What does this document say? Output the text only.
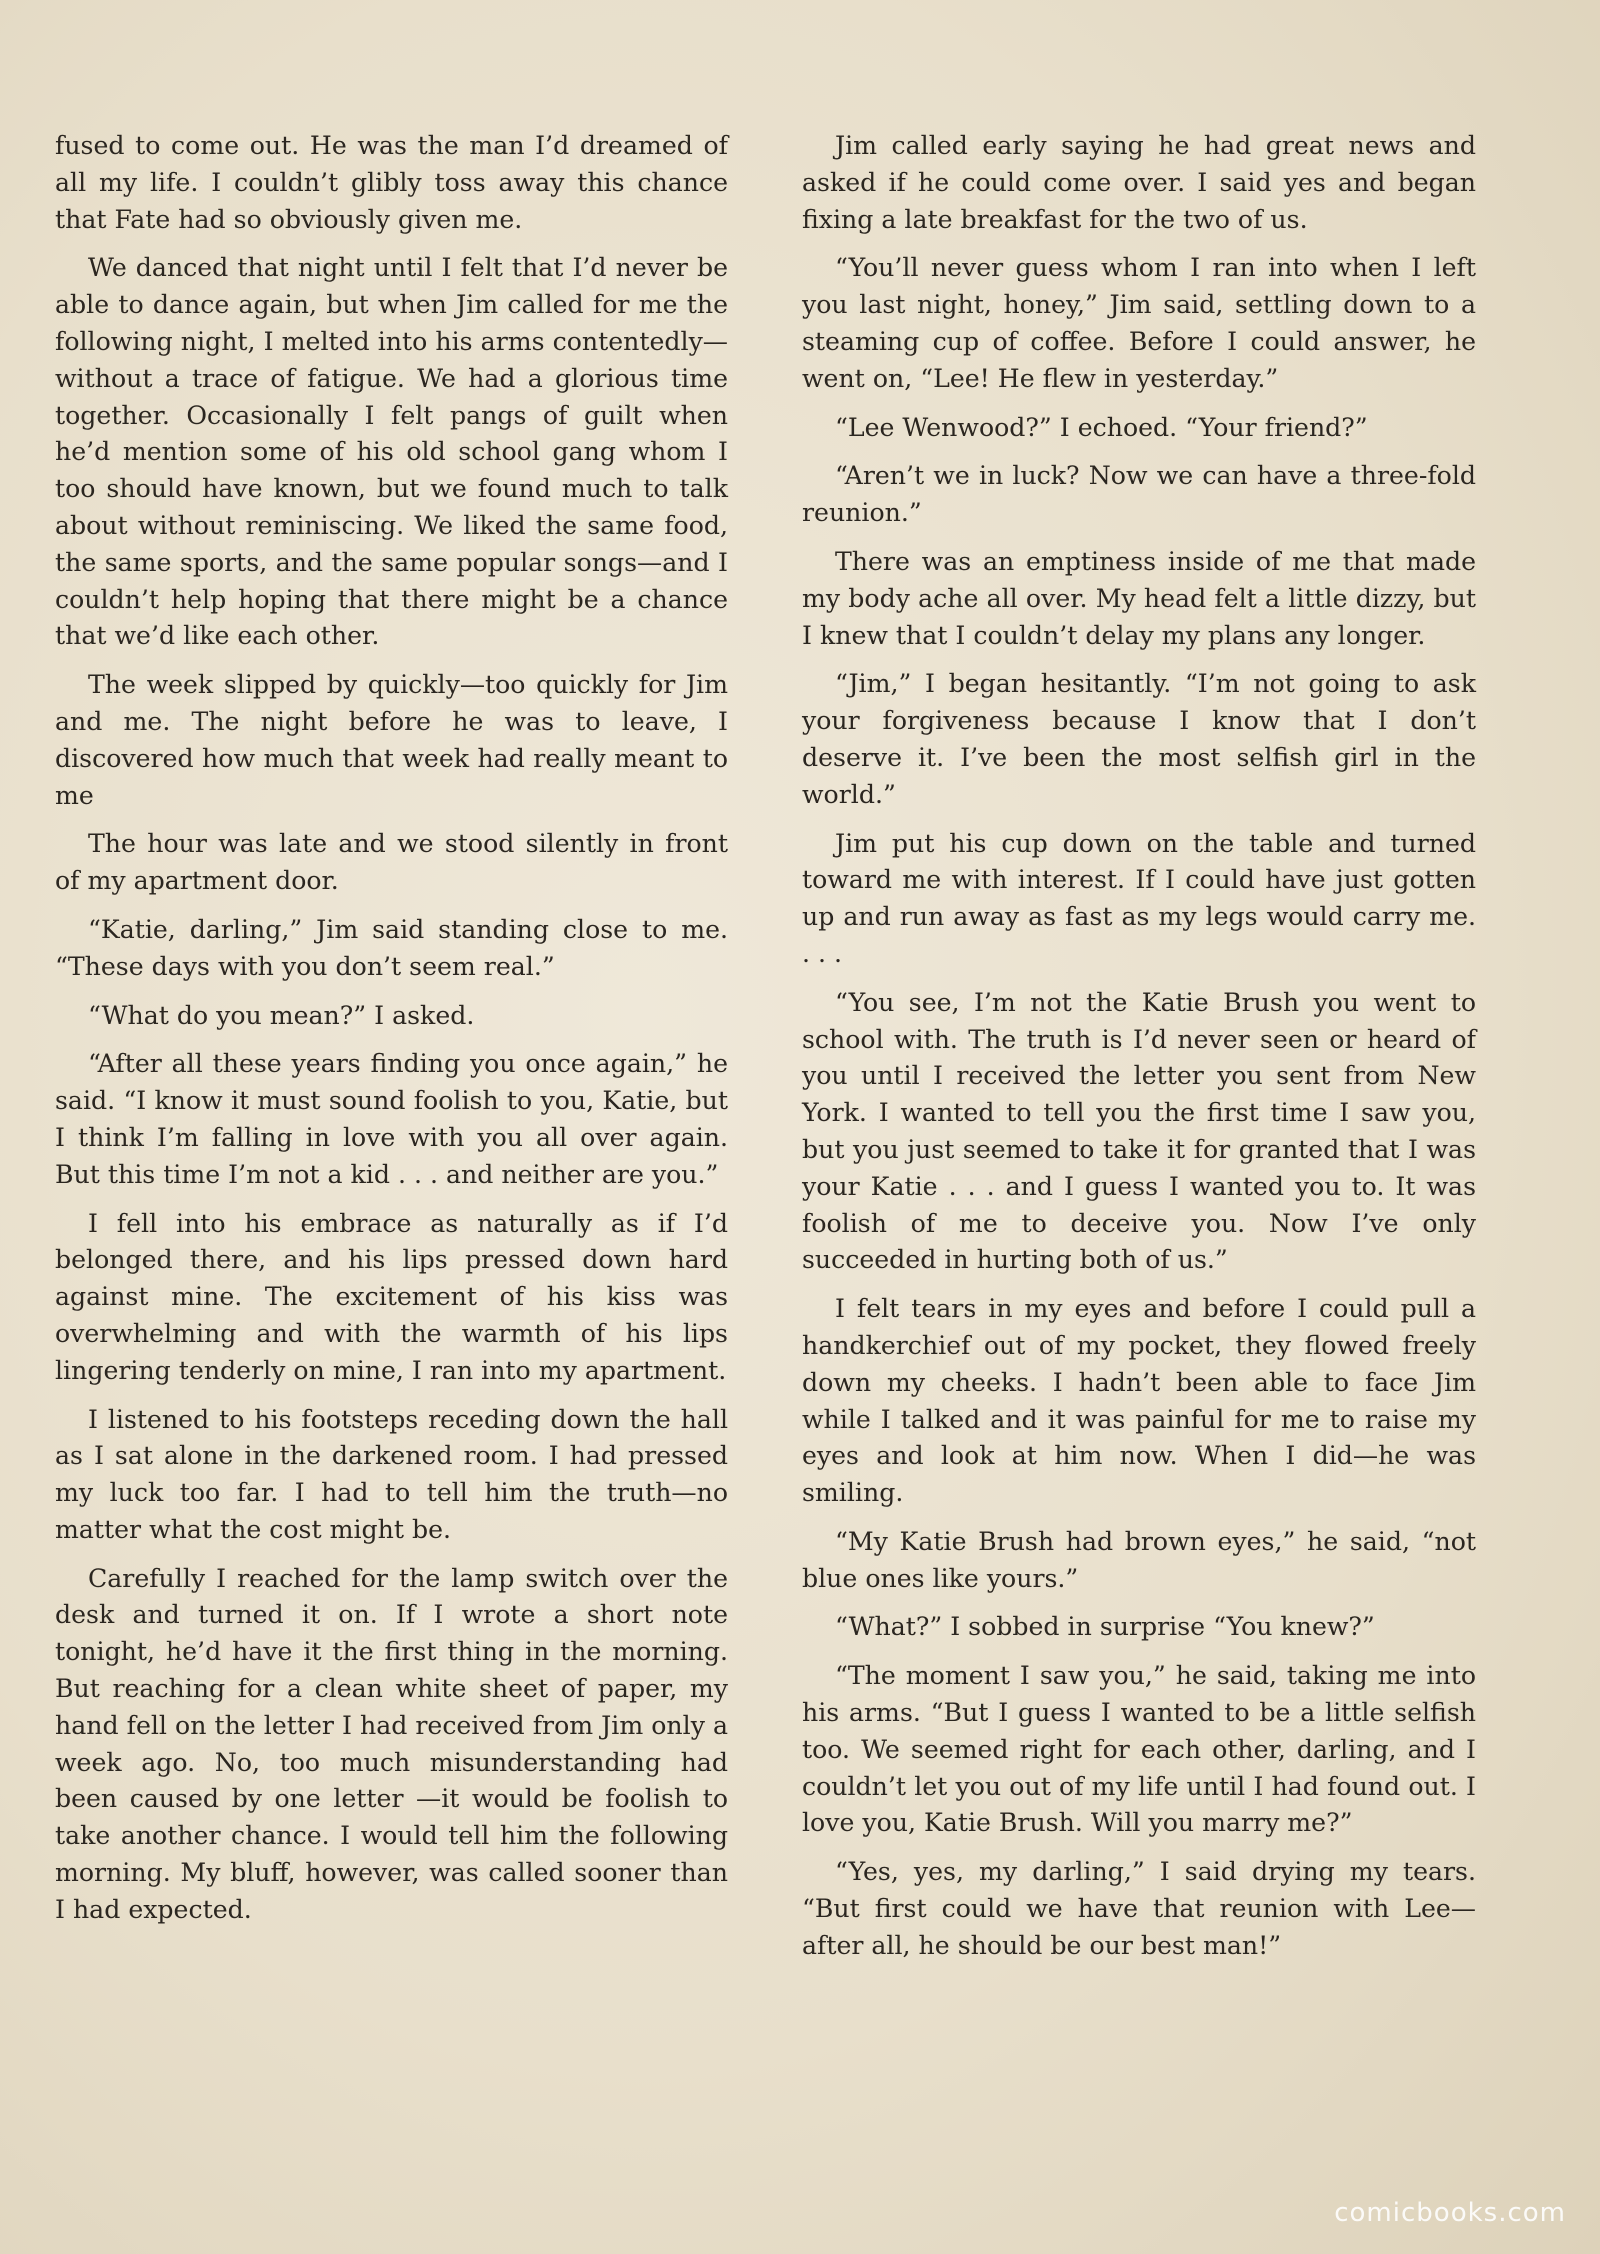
fused to come out. He was the man I’d dreamed of all my life. I couldn’t glibly toss away this chance that Fate had so obviously given me.

We danced that night until I felt that I’d never be able to dance again, but when Jim called for me the following night, I melted into his arms contentedly—without a trace of fatigue. We had a glorious time together. Occasionally I felt pangs of guilt when he’d mention some of his old school gang whom I too should have known, but we found much to talk about without reminiscing. We liked the same food, the same sports, and the same popular songs—and I couldn’t help hoping that there might be a chance that we’d like each other.

The week slipped by quickly—too quickly for Jim and me. The night before he was to leave, I discovered how much that week had really meant to me

The hour was late and we stood silently in front of my apartment door.

“Katie, darling,” Jim said standing close to me. “These days with you don’t seem real.”

“What do you mean?” I asked.

“After all these years finding you once again,” he said. “I know it must sound foolish to you, Katie, but I think I’m falling in love with you all over again. But this time I’m not a kid . . . and neither are you.”

I fell into his embrace as naturally as if I’d belonged there, and his lips pressed down hard against mine. The excitement of his kiss was overwhelming and with the warmth of his lips lingering tenderly on mine, I ran into my apartment.

I listened to his footsteps receding down the hall as I sat alone in the darkened room. I had pressed my luck too far. I had to tell him the truth—no matter what the cost might be.

Carefully I reached for the lamp switch over the desk and turned it on. If I wrote a short note tonight, he’d have it the first thing in the morning. But reaching for a clean white sheet of paper, my hand fell on the letter I had received from Jim only a week ago. No, too much misunderstanding had been caused by one letter —it would be foolish to take another chance. I would tell him the following morning. My bluff, however, was called sooner than I had expected.

Jim called early saying he had great news and asked if he could come over. I said yes and began fixing a late breakfast for the two of us.

“You’ll never guess whom I ran into when I left you last night, honey,” Jim said, settling down to a steaming cup of coffee. Before I could answer, he went on, “Lee! He flew in yesterday.”

“Lee Wenwood?” I echoed. “Your friend?”

“Aren’t we in luck? Now we can have a three-fold reunion.”

There was an emptiness inside of me that made my body ache all over. My head felt a little dizzy, but I knew that I couldn’t delay my plans any longer.

“Jim,” I began hesitantly. “I’m not going to ask your forgiveness because I know that I don’t deserve it. I’ve been the most selfish girl in the world.”

Jim put his cup down on the table and turned toward me with interest. If I could have just gotten up and run away as fast as my legs would carry me. . . .

“You see, I’m not the Katie Brush you went to school with. The truth is I’d never seen or heard of you until I received the letter you sent from New York. I wanted to tell you the first time I saw you, but you just seemed to take it for granted that I was your Katie . . . and I guess I wanted you to. It was foolish of me to deceive you. Now I’ve only succeeded in hurting both of us.”

I felt tears in my eyes and before I could pull a handkerchief out of my pocket, they flowed freely down my cheeks. I hadn’t been able to face Jim while I talked and it was painful for me to raise my eyes and look at him now. When I did—he was smiling.

“My Katie Brush had brown eyes,” he said, “not blue ones like yours.”

“What?” I sobbed in surprise “You knew?”

“The moment I saw you,” he said, taking me into his arms. “But I guess I wanted to be a little selfish too. We seemed right for each other, darling, and I couldn’t let you out of my life until I had found out. I love you, Katie Brush. Will you marry me?”

“Yes, yes, my darling,” I said drying my tears. “But first could we have that reunion with Lee—after all, he should be our best man!”

comicbooks.com
